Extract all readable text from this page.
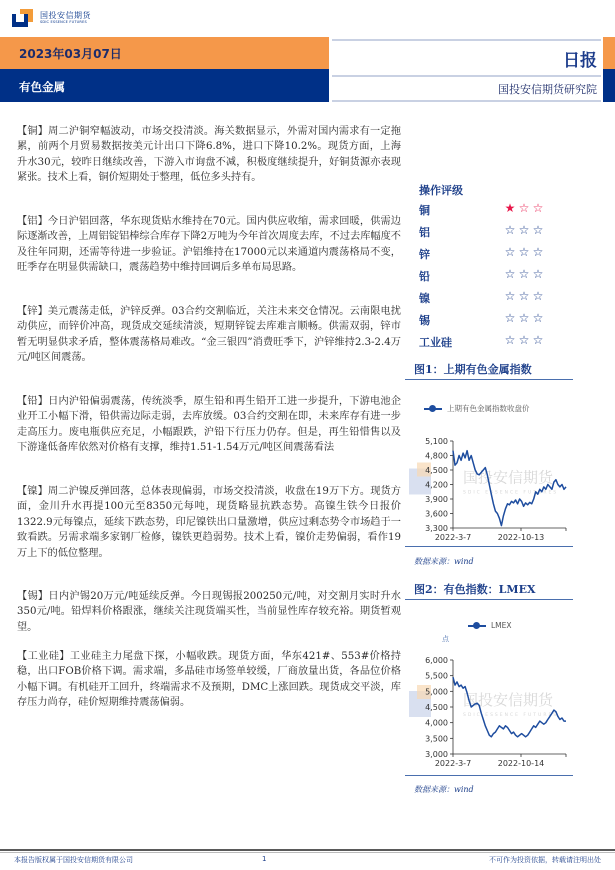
国投安信期货
SDIC ESSENCE FUTURES
2023年03月07日
有色金属
日报
国投安信期货研究院

【铜】周二沪铜窄幅波动，市场交投清淡。海关数据显示，外需对国内需求有一定拖累，前两个月贸易数据按美元计出口下降6.8%，进口下降10.2%。现货方面，上海升水30元，较昨日继续改善，下游入市询盘不减，积极度继续提升，好铜货源亦表现紧张。技术上看，铜价短期处于整理，低位多头持有。

【铝】今日沪铝回落，华东现货贴水维持在70元。国内供应收缩，需求回暖，供需边际逐渐改善，上周铝锭铝棒综合库存下降2万吨为今年首次周度去库，不过去库幅度不及往年同期，还需等待进一步验证。沪铝维持在17000元以来通道内震荡格局不变，旺季存在明显供需缺口，震荡趋势中维持回调后多单布局思路。

【锌】美元震荡走低，沪锌反弹。03合约交割临近，关注未来交仓情况。云南限电扰动供应，而锌价冲高，现货成交延续清淡，短期锌锭去库难言顺畅。供需双弱，锌市暂无明显供求矛盾，整体震荡格局难改。“金三银四”消费旺季下，沪锌维持2.3-2.4万元/吨区间震荡。

【铅】日内沪铅偏弱震荡，传统淡季，原生铅和再生铅开工进一步提升，下游电池企业开工小幅下滑，铅供需边际走弱，去库放缓。03合约交割在即，未来库存有进一步走高压力。废电瓶供应充足，小幅跟跌，沪铅下行压力仍存。但是，再生铅惜售以及下游逢低备库依然对价格有支撑，维持1.51-1.54万元/吨区间震荡看法

【镍】周二沪镍反弹回落，总体表现偏弱，市场交投清淡，收盘在19万下方。现货方面，金川升水再提100元至8350元每吨，现货略显抗跌态势。高镍生铁今日报价1322.9元每镍点，延续下跌态势，印尼镍铁出口量激增，供应过剩态势令市场趋于一致看跌。另需求端多家钢厂检修，镍铁更趋弱势。技术上看，镍价走势偏弱，看作19万上下的低位整理。

【锡】日内沪锡20万元/吨延续反弹。今日现锡报200250元/吨，对交割月实时升水350元/吨。铅焊料价格跟涨，继续关注现货端买性，当前显性库存较充裕。期货暂观望。

【工业硅】工业硅主力尾盘下探，小幅收跌。现货方面，华东421#、553#价格持稳，出口FOB价格下调。需求端，多晶硅市场签单较缓，厂商放量出货，各品位价格小幅下调。有机硅开工回升，终端需求不及预期，DMC上涨回跌。现货成交平淡，库存压力尚存，硅价短期维持震荡偏弱。

操作评级
铜	★ ☆ ☆
铝	☆ ☆ ☆
锌	☆ ☆ ☆
铅	☆ ☆ ☆
镍	☆ ☆ ☆
锡	☆ ☆ ☆
工业硅	☆ ☆ ☆
图1：上期有色金属指数
上期有色金属指数收盘价
国投安信期货
SDIC ESSENCE FUTURES
3,300
3,600
3,900
4,200
4,500
4,800
5,100
2022-3-7	2022-10-13
数据来源：wind
图2：有色指数：LMEX
LMEX
点
国投安信期货
SDIC ESSENCE FUTURES
3,000
3,500
4,000
4,500
5,000
5,500
6,000
2022-3-7	2022-10-14
数据来源：wind
本报告版权属于国投安信期货有限公司	1	不可作为投资依据，转载请注明出处
